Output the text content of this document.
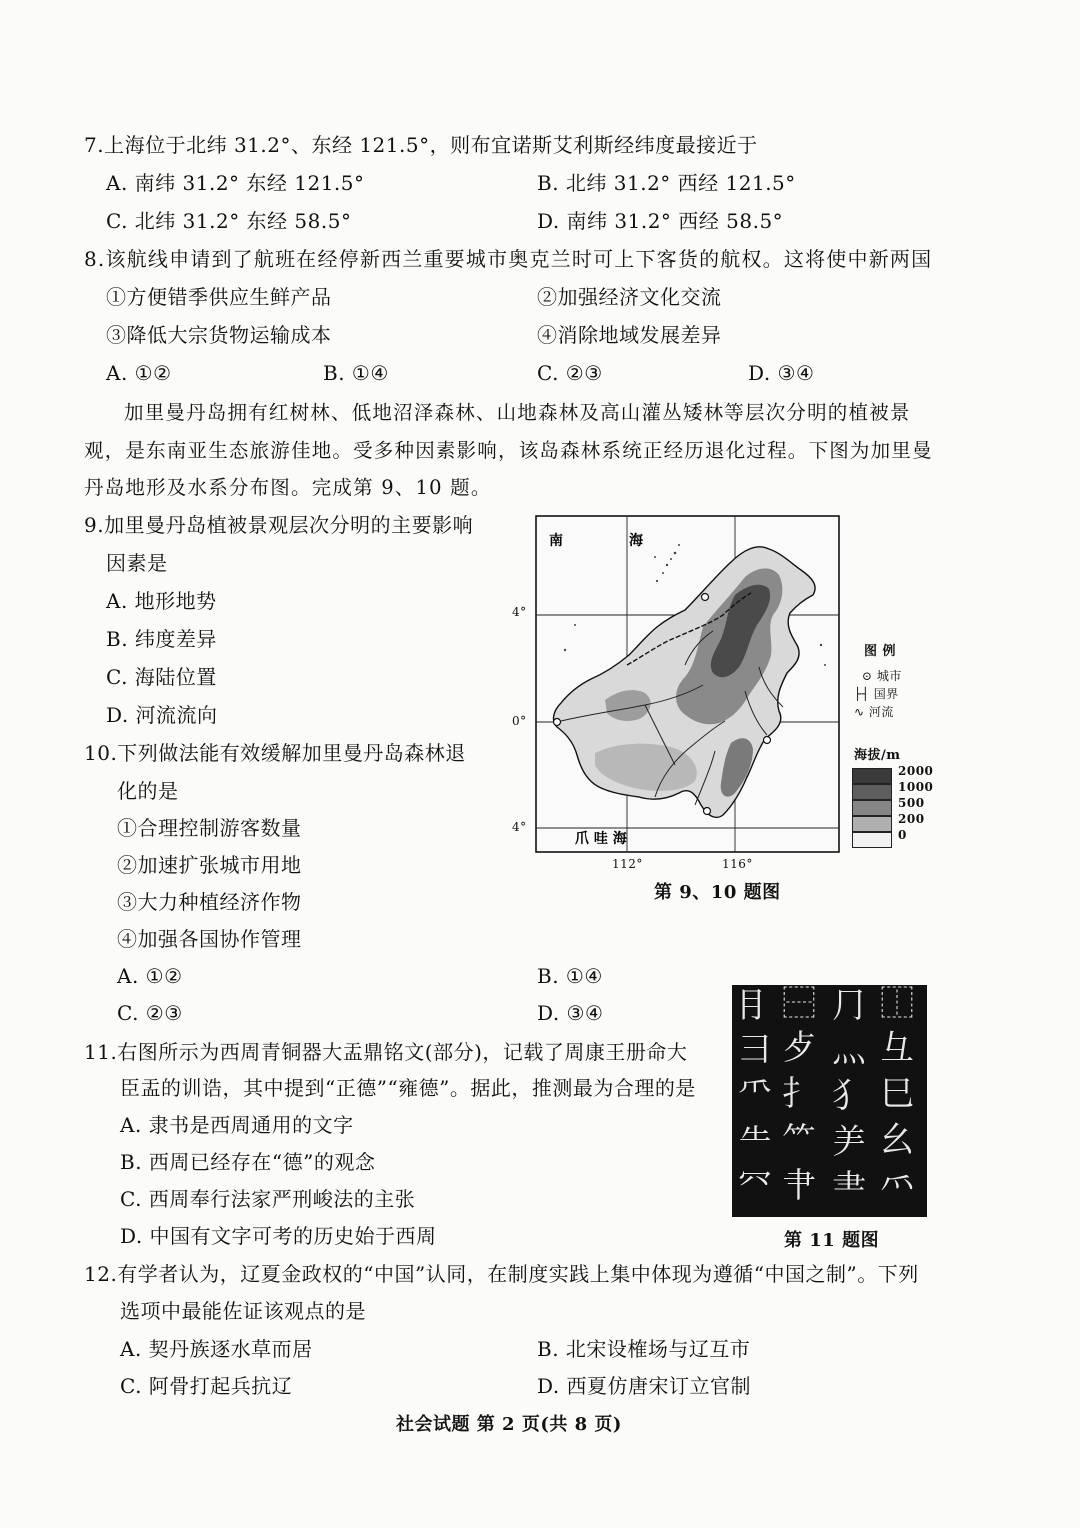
7.上海位于北纬 31.2°、东经 121.5°，则布宜诺斯艾利斯经纬度最接近于
A. 南纬 31.2° 东经 121.5°	B. 北纬 31.2° 西经 121.5°
C. 北纬 31.2° 东经 58.5°	D. 南纬 31.2° 西经 58.5°
8.该航线申请到了航班在经停新西兰重要城市奥克兰时可上下客货的航权。这将使中新两国
①方便错季供应生鲜产品	②加强经济文化交流
③降低大宗货物运输成本	④消除地域发展差异
A. ①②	B. ①④	C. ②③	D. ③④
加里曼丹岛拥有红树林、低地沼泽森林、山地森林及高山灌丛矮林等层次分明的植被景观，是东南亚生态旅游佳地。受多种因素影响，该岛森林系统正经历退化过程。下图为加里曼丹岛地形及水系分布图。完成第 9、10 题。
9.加里曼丹岛植被景观层次分明的主要影响
因素是
A. 地形地势
B. 纬度差异
C. 海陆位置
D. 河流流向
10.下列做法能有效缓解加里曼丹岛森林退
化的是
①合理控制游客数量
②加速扩张城市用地
③大力种植经济作物
④加强各国协作管理
A. ①②	B. ①④
C. ②③	D. ③④
南	海
爪 哇 海
4°
0°
4°
112°	116°
第 9、10 题图
图 例
⊙ 城市
├┤ 国界
∿ 河流
海拔/m
2000
1000
500
200
0
⺝ ⿱ ⺆ ⿰
⺕ ⺞ ⺣ ⺔
⺥ ⺘ ⺨ ⺒
⺧ ⺮ ⺶ ⺓
⺳ ⺺ ⺻ ⺤
第 11 题图
11.右图所示为西周青铜器大盂鼎铭文(部分)，记载了周康王册命大
臣盂的训诰，其中提到“正德”“雍德”。据此，推测最为合理的是
A. 隶书是西周通用的文字
B. 西周已经存在“德”的观念
C. 西周奉行法家严刑峻法的主张
D. 中国有文字可考的历史始于西周
12.有学者认为，辽夏金政权的“中国”认同，在制度实践上集中体现为遵循“中国之制”。下列
选项中最能佐证该观点的是
A. 契丹族逐水草而居	B. 北宋设榷场与辽互市
C. 阿骨打起兵抗辽	D. 西夏仿唐宋订立官制
社会试题 第 2 页(共 8 页)
